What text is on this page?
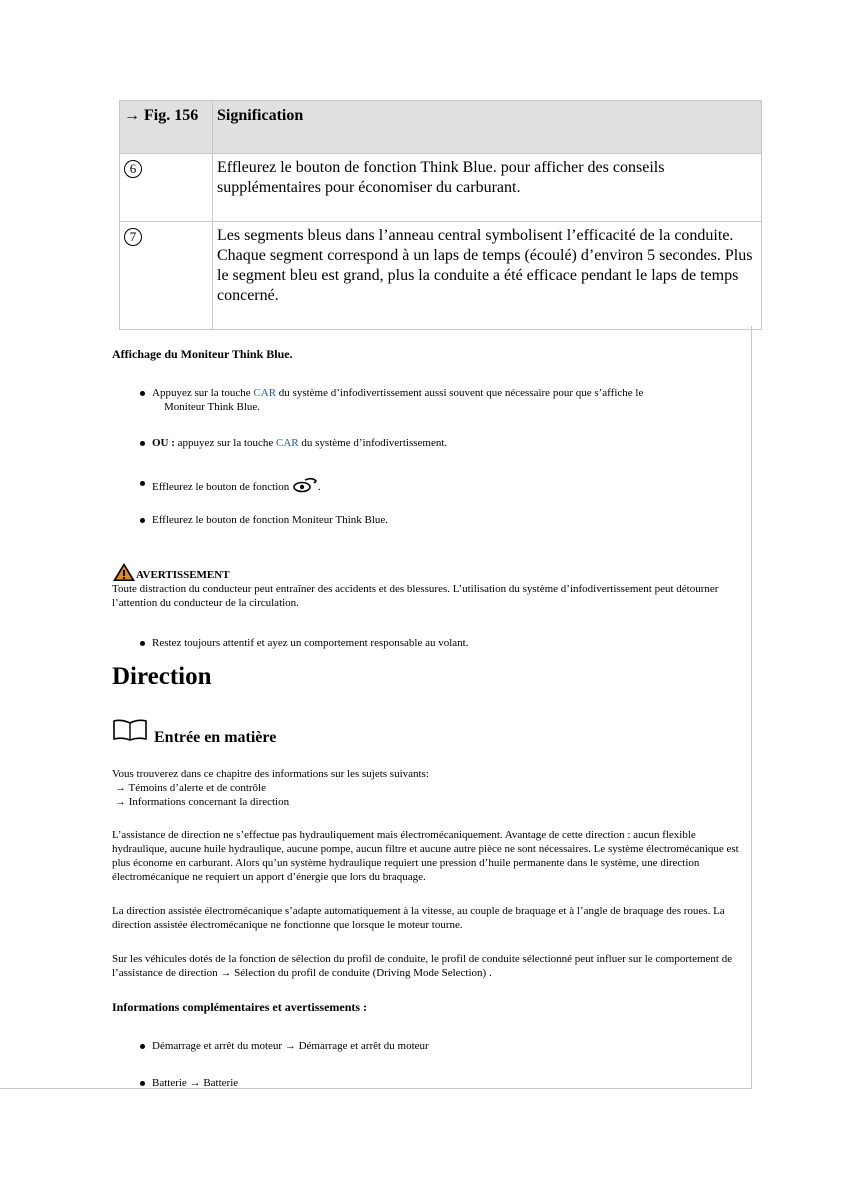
→ Fig. 156	Signification
6	Effleurez le bouton de fonction Think Blue. pour afficher des conseils supplémentaires pour économiser du carburant.
7	Les segments bleus dans l’anneau central symbolisent l’efficacité de la conduite. Chaque segment correspond à un laps de temps (écoulé) d’environ 5 secondes. Plus le segment bleu est grand, plus la conduite a été efficace pendant le laps de temps concerné.
Affichage du Moniteur Think Blue.
Appuyez sur la touche CAR du système d’infodivertissement aussi souvent que nécessaire pour que s’affiche le
Moniteur Think Blue.
OU : appuyez sur la touche CAR du système d’infodivertissement.
Effleurez le bouton de fonction .
Effleurez le bouton de fonction Moniteur Think Blue.
AVERTISSEMENT

Toute distraction du conducteur peut entraîner des accidents et des blessures. L’utilisation du système d’infodivertissement peut détourner l’attention du conducteur de la circulation.

Restez toujours attentif et ayez un comportement responsable au volant.
Direction
Entrée en matière

Vous trouverez dans ce chapitre des informations sur les sujets suivants:

→ Témoins d’alerte et de contrôle
→ Informations concernant la direction

L’assistance de direction ne s’effectue pas hydrauliquement mais électromécaniquement. Avantage de cette direction : aucun flexible hydraulique, aucune huile hydraulique, aucune pompe, aucun filtre et aucune autre pièce ne sont nécessaires. Le système électromécanique est plus économe en carburant. Alors qu’un système hydraulique requiert une pression d’huile permanente dans le système, une direction électromécanique ne requiert un apport d’énergie que lors du braquage.

La direction assistée électromécanique s’adapte automatiquement à la vitesse, au couple de braquage et à l’angle de braquage des roues. La direction assistée électromécanique ne fonctionne que lorsque le moteur tourne.

Sur les véhicules dotés de la fonction de sélection du profil de conduite, le profil de conduite sélectionné peut influer sur le comportement de l’assistance de direction → Sélection du profil de conduite (Driving Mode Selection) .

Informations complémentaires et avertissements :
Démarrage et arrêt du moteur → Démarrage et arrêt du moteur
Batterie → Batterie
